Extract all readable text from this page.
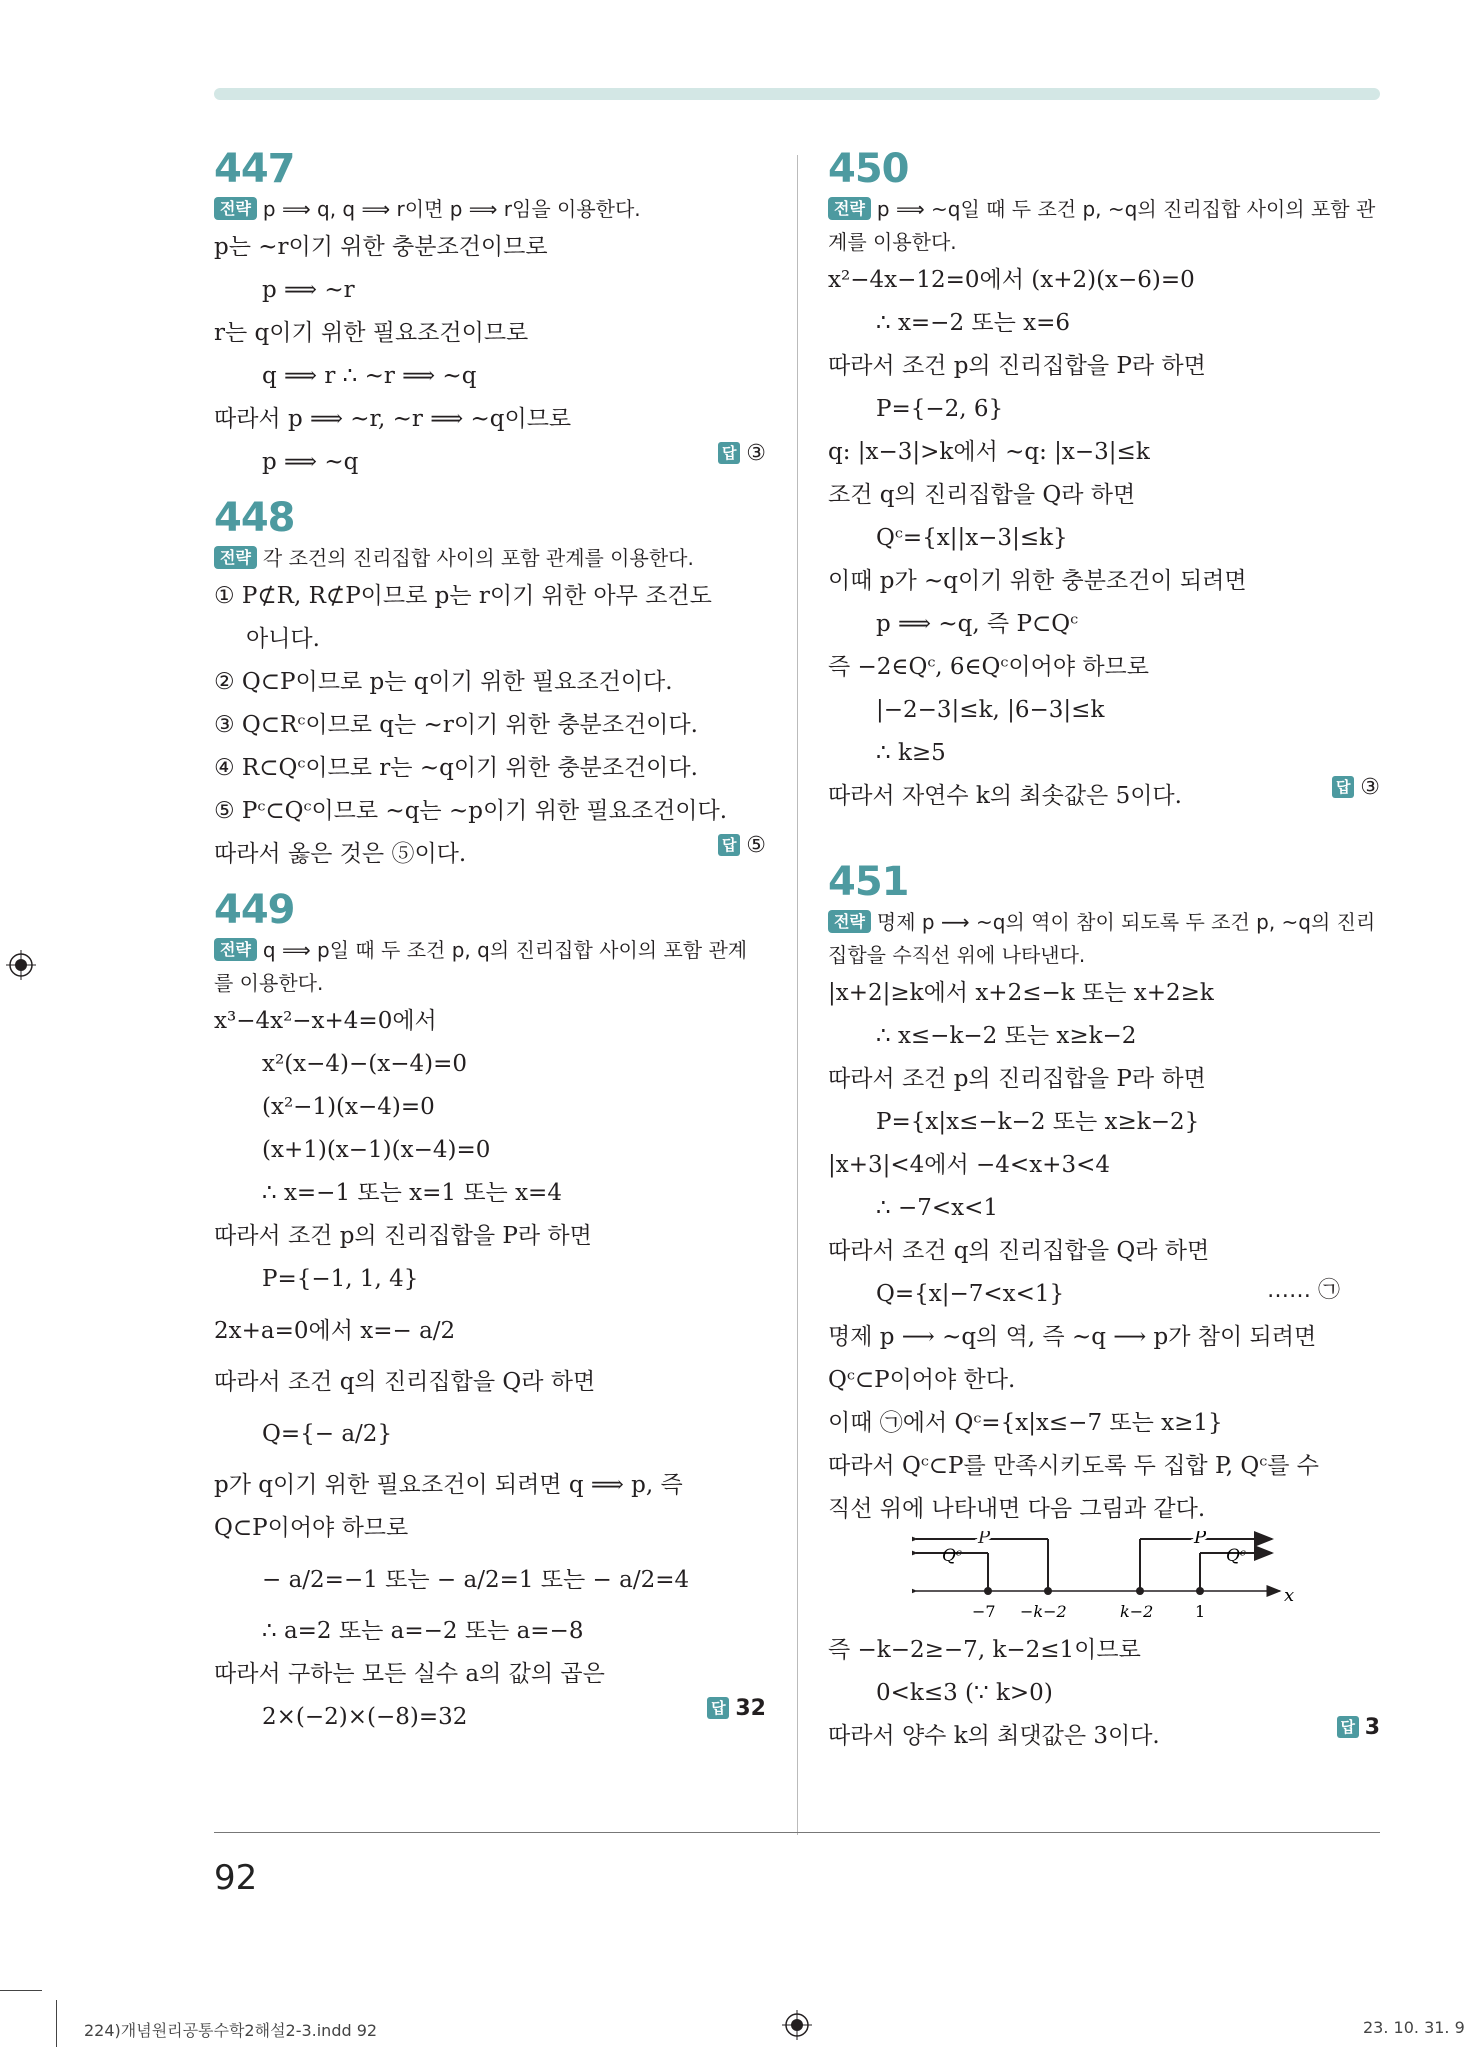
447
전략 p ⟹ q, q ⟹ r이면 p ⟹ r임을 이용한다.
p는 ~r이기 위한 충분조건이므로
p ⟹ ~r
r는 q이기 위한 필요조건이므로
q ⟹ r ∴ ~r ⟹ ~q
따라서 p ⟹ ~r, ~r ⟹ ~q이므로
p ⟹ ~q	답 ③
448
전략 각 조건의 진리집합 사이의 포함 관계를 이용한다.
① P⊄R, R⊄P이므로 p는 r이기 위한 아무 조건도
아니다.
② Q⊂P이므로 p는 q이기 위한 필요조건이다.
③ Q⊂Rᶜ이므로 q는 ~r이기 위한 충분조건이다.
④ R⊂Qᶜ이므로 r는 ~q이기 위한 충분조건이다.
⑤ Pᶜ⊂Qᶜ이므로 ~q는 ~p이기 위한 필요조건이다.
따라서 옳은 것은 ⑤이다.	답 ⑤
449
전략 q ⟹ p일 때 두 조건 p, q의 진리집합 사이의 포함 관계를 이용한다.
x³−4x²−x+4=0에서
x²(x−4)−(x−4)=0
(x²−1)(x−4)=0
(x+1)(x−1)(x−4)=0
∴ x=−1 또는 x=1 또는 x=4
따라서 조건 p의 진리집합을 P라 하면
P={−1, 1, 4}
2x+a=0에서 x=− a/2
따라서 조건 q의 진리집합을 Q라 하면
Q={− a/2}
p가 q이기 위한 필요조건이 되려면 q ⟹ p, 즉
Q⊂P이어야 하므로
− a/2=−1 또는 − a/2=1 또는 − a/2=4
∴ a=2 또는 a=−2 또는 a=−8
따라서 구하는 모든 실수 a의 값의 곱은
2×(−2)×(−8)=32	답 32
450
전략 p ⟹ ~q일 때 두 조건 p, ~q의 진리집합 사이의 포함 관계를 이용한다.
x²−4x−12=0에서 (x+2)(x−6)=0
∴ x=−2 또는 x=6
따라서 조건 p의 진리집합을 P라 하면
P={−2, 6}
q: |x−3|>k에서 ~q: |x−3|≤k
조건 q의 진리집합을 Q라 하면
Qᶜ={x||x−3|≤k}
이때 p가 ~q이기 위한 충분조건이 되려면
p ⟹ ~q, 즉 P⊂Qᶜ
즉 −2∈Qᶜ, 6∈Qᶜ이어야 하므로
|−2−3|≤k, |6−3|≤k
∴ k≥5
따라서 자연수 k의 최솟값은 5이다.	답 ③
451
전략 명제 p ⟶ ~q의 역이 참이 되도록 두 조건 p, ~q의 진리집합을 수직선 위에 나타낸다.
|x+2|≥k에서 x+2≤−k 또는 x+2≥k
∴ x≤−k−2 또는 x≥k−2
따라서 조건 p의 진리집합을 P라 하면
P={x|x≤−k−2 또는 x≥k−2}
|x+3|<4에서 −4<x+3<4
∴ −7<x<1
따라서 조건 q의 진리집합을 Q라 하면
Q={x|−7<x<1}	…… ㉠
명제 p ⟶ ~q의 역, 즉 ~q ⟶ p가 참이 되려면
Qᶜ⊂P이어야 한다.
이때 ㉠에서 Qᶜ={x|x≤−7 또는 x≥1}
따라서 Qᶜ⊂P를 만족시키도록 두 집합 P, Qᶜ를 수
직선 위에 나타내면 다음 그림과 같다.
x
P
Qᶜ
P
Qᶜ
−7 −k−2	k−2	1
즉 −k−2≥−7, k−2≤1이므로
0<k≤3 (∵ k>0)
따라서 양수 k의 최댓값은 3이다.	답 3
92
224)개념원리공통수학2해설2-3.indd 92	23. 10. 31. 9
